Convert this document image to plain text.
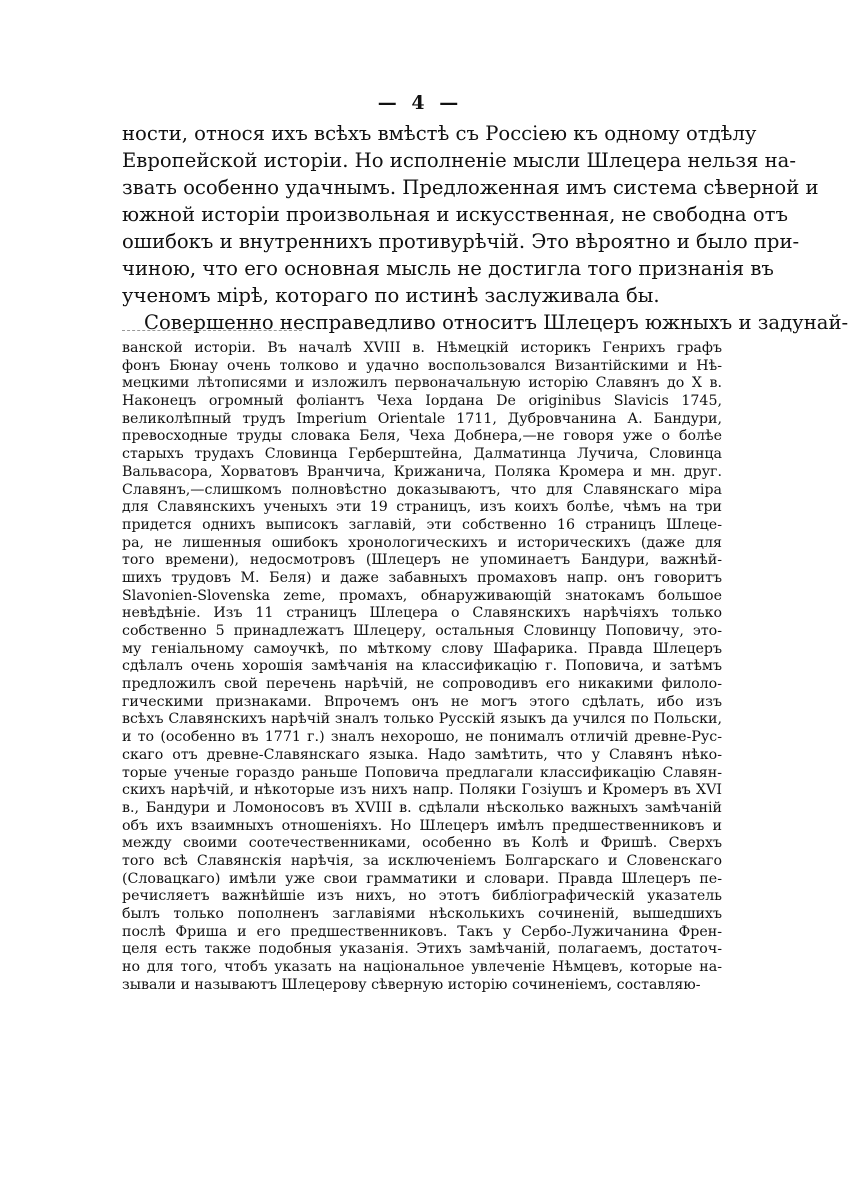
— 4 —
ности, относя ихъ всѣхъ вмѣстѣ съ Россiею къ одному отдѣлу
Европейской исторiи. Но исполненiе мысли Шлецера нельзя на-
звать особенно удачнымъ. Предложенная имъ система сѣверной и
южной исторiи произвольная и искусственная, не свободна отъ
ошибокъ и внутреннихъ противурѣчiй. Это вѣроятно и было при-
чиною, что его основная мысль не достигла того признанiя въ
ученомъ мiрѣ, котораго по истинѣ заслуживала бы.
Совершенно несправедливо относитъ Шлецеръ южныхъ и задунай-
ванской исторiи. Въ началѣ XVIII в. Нѣмецкiй историкъ Генрихъ графъ
фонъ Бюнау очень толково и удачно воспользовался Византiйскими и Нѣ-
мецкими лѣтописями и изложилъ первоначальную исторiю Славянъ до X в.
Наконецъ огромный фолiантъ Чеха Iордана De originibus Slavicis 1745,
великолѣпный трудъ Imperium Orientale 1711, Дубровчанина А. Бандури,
превосходные труды словака Беля, Чеха Добнера,—не говоря уже о болѣе
старыхъ трудахъ Словинца Герберштейна, Далматинца Лучича, Словинца
Вальвасора, Хорватовъ Вранчича, Крижанича, Поляка Кромера и мн. друг.
Славянъ,—слишкомъ полновѣстно доказываютъ, что для Славянскаго мiра
для Славянскихъ ученыхъ эти 19 страницъ, изъ коихъ болѣе, чѣмъ на три
придется однихъ выписокъ заглавiй, эти собственно 16 страницъ Шлеце-
ра, не лишенныя ошибокъ хронологическихъ и историческихъ (даже для
того времени), недосмотровъ (Шлецеръ не упоминаетъ Бандури, важнѣй-
шихъ трудовъ М. Беля) и даже забавныхъ промаховъ напр. онъ говоритъ
Slavonien-Slovenska zeme, промахъ, обнаруживающiй знатокамъ большое
невѣдѣнiе. Изъ 11 страницъ Шлецера о Славянскихъ нарѣчiяхъ только
собственно 5 принадлежатъ Шлецеру, остальныя Словинцу Поповичу, это-
му генiальному самоучкѣ, по мѣткому слову Шафарика. Правда Шлецеръ
сдѣлалъ очень хорошiя замѣчанiя на классификацiю г. Поповича, и затѣмъ
предложилъ свой перечень нарѣчiй, не сопроводивъ его никакими филоло-
гическими признаками. Впрочемъ онъ не могъ этого сдѣлать, ибо изъ
всѣхъ Славянскихъ нарѣчiй зналъ только Русскiй языкъ да учился по Польски,
и то (особенно въ 1771 г.) зналъ нехорошо, не понималъ отличiй древне-Рус-
скаго отъ древне-Славянскаго языка. Надо замѣтить, что у Славянъ нѣко-
торые ученые гораздо раньше Поповича предлагали классификацiю Славян-
скихъ нарѣчiй, и нѣкоторые изъ нихъ напр. Поляки Гозiушъ и Кромеръ въ XVI
в., Бандури и Ломоносовъ въ XVIII в. сдѣлали нѣсколько важныхъ замѣчанiй
объ ихъ взаимныхъ отношенiяхъ. Но Шлецеръ имѣлъ предшественниковъ и
между своими соотечественниками, особенно въ Колѣ и Фришѣ. Сверхъ
того всѣ Славянскiя нарѣчiя, за исключенiемъ Болгарскаго и Словенскаго
(Словацкаго) имѣли уже свои грамматики и словари. Правда Шлецеръ пе-
речисляетъ важнѣйшiе изъ нихъ, но этотъ библiографическiй указатель
былъ только пополненъ заглавiями нѣсколькихъ сочиненiй, вышедшихъ
послѣ Фриша и его предшественниковъ. Такъ у Сербо-Лужичанина Френ-
целя есть также подобныя указанiя. Этихъ замѣчанiй, полагаемъ, достаточ-
но для того, чтобъ указать на нацiональное увлеченiе Нѣмцевъ, которые на-
зывали и называютъ Шлецерову сѣверную исторiю сочиненiемъ, составляю-
